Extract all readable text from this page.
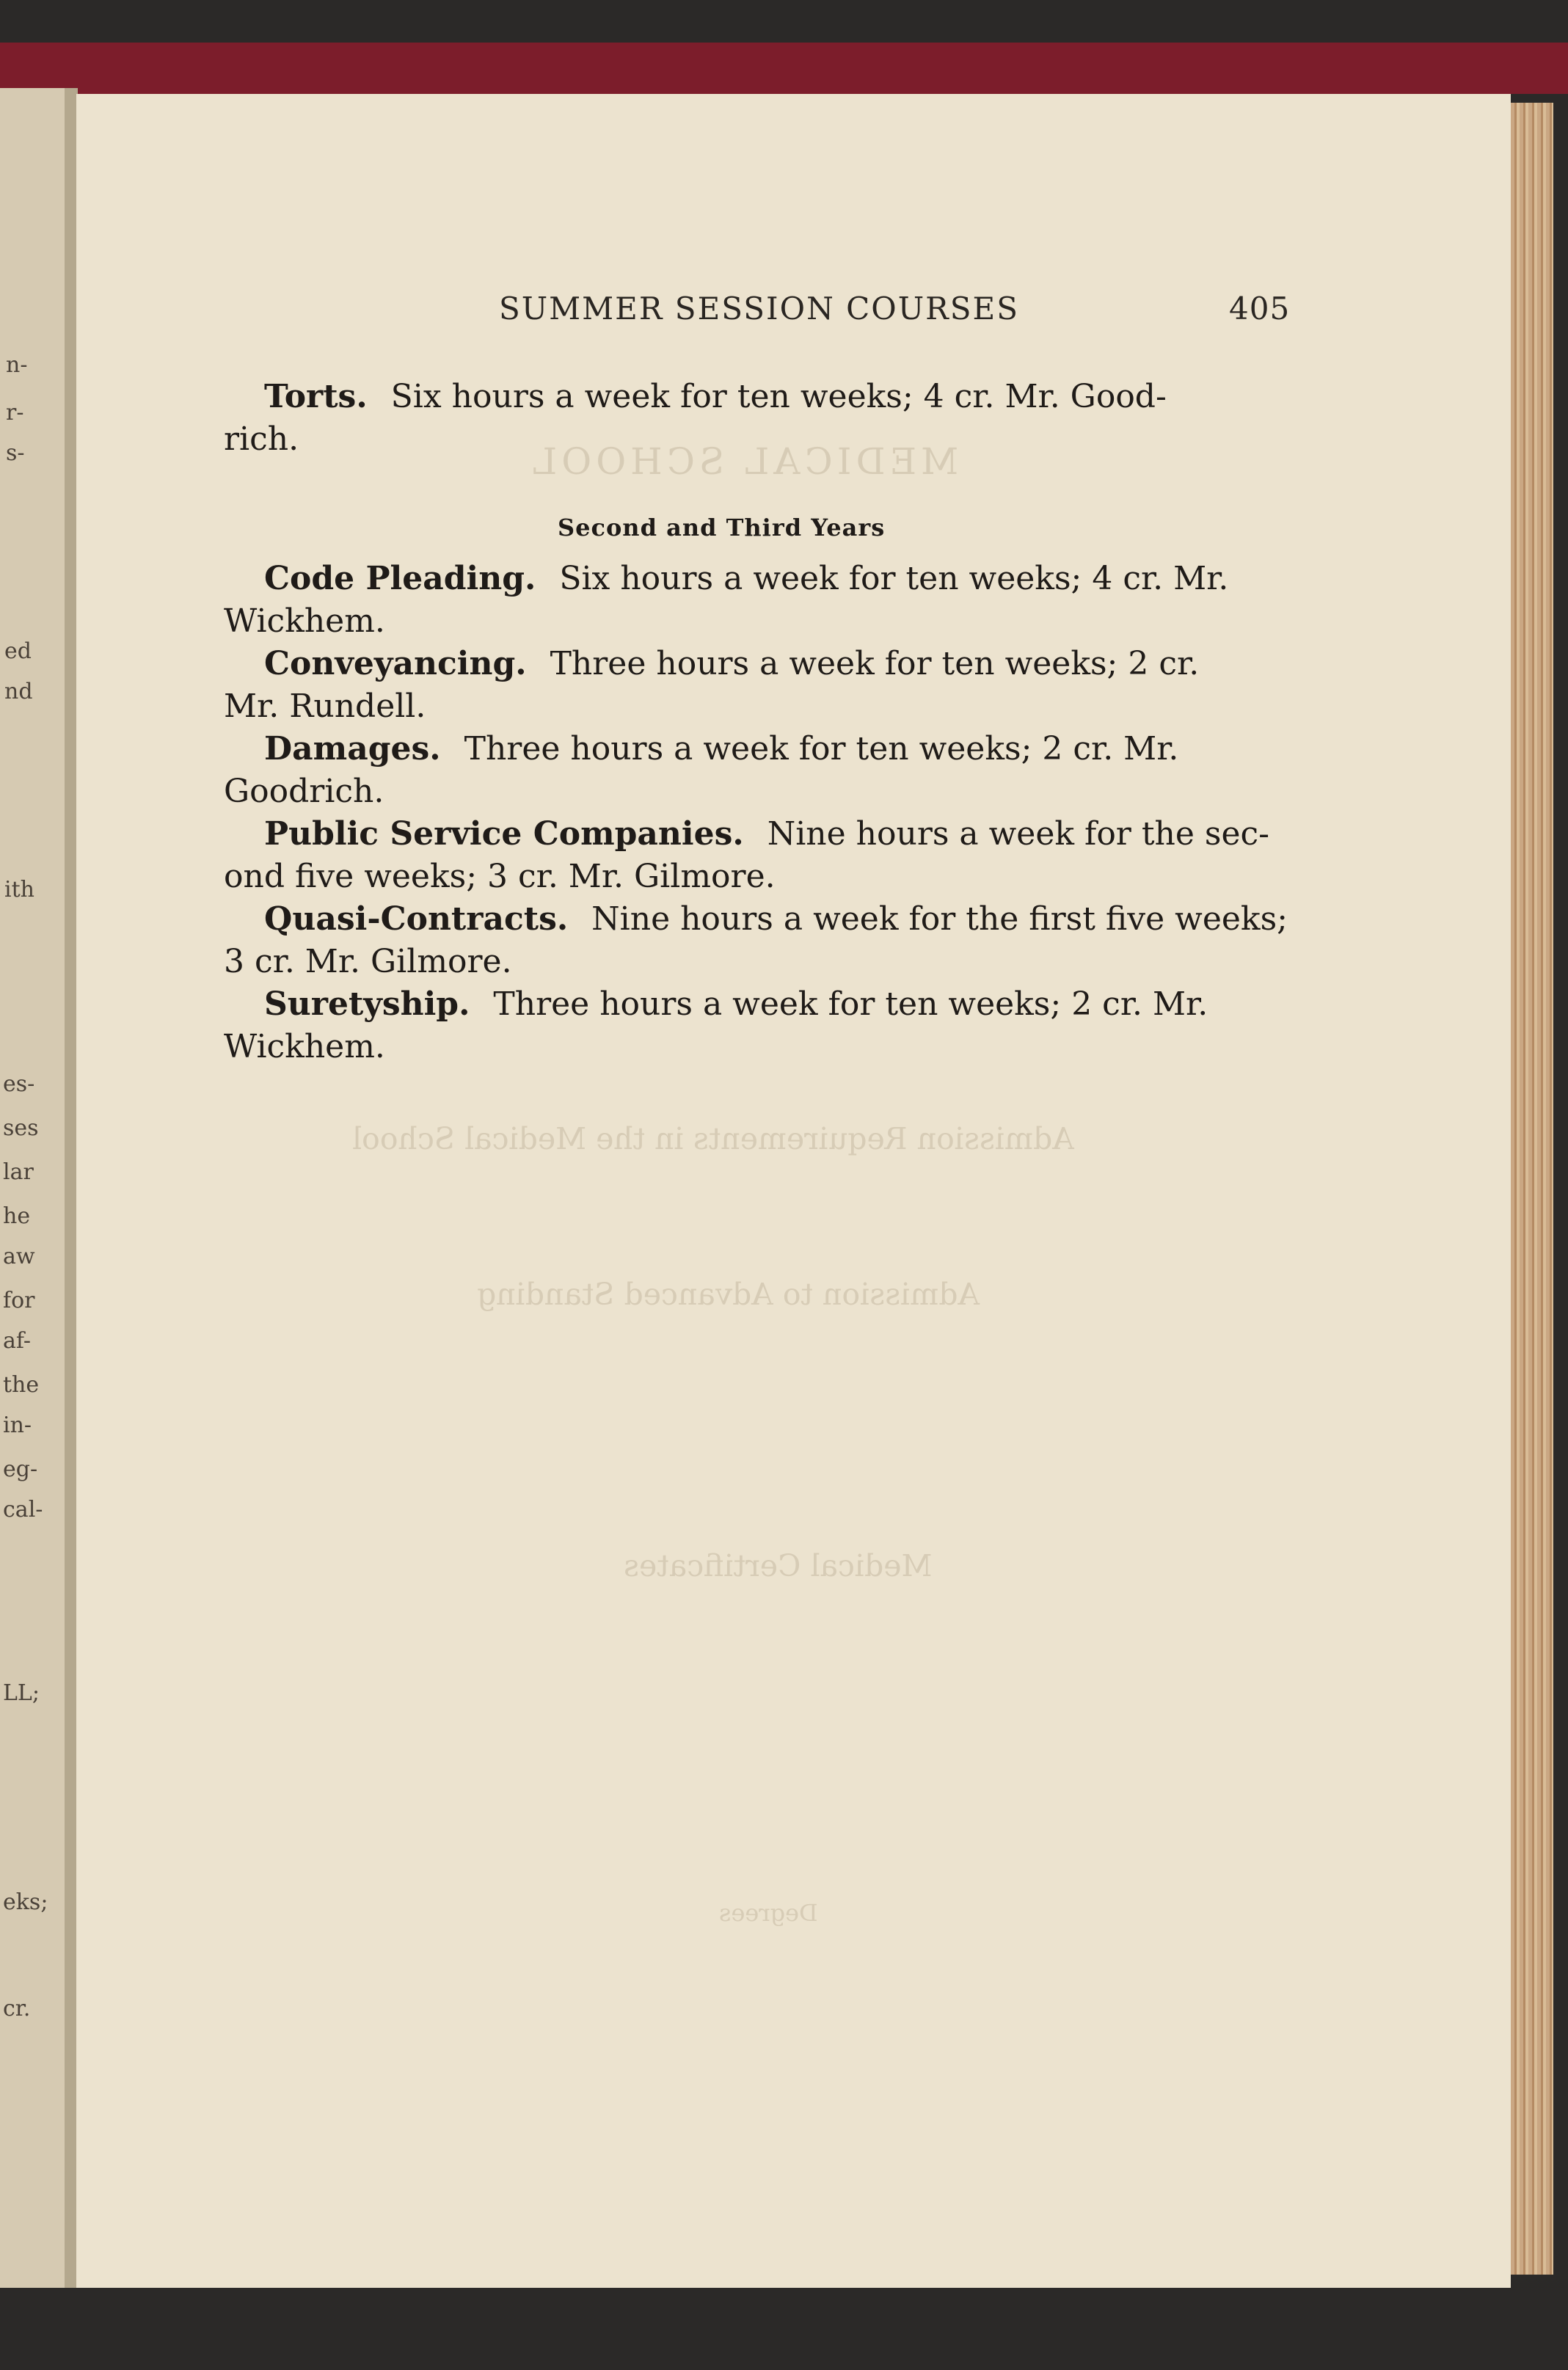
MEDICAL SCHOOL
Admission Requirements in the Medical School
Admission to Advanced Standing
Medical Certificates
Degrees
n-
r-
s-
ed
nd
ith
es-
ses
lar
he
aw
for
af-
the
in-
eg-
cal-
LL;
eks;
cr.
SUMMER SESSION COURSES	405
Torts. Six hours a week for ten weeks; 4 cr. Mr. Good-
rich.
Code Pleading. Six hours a week for ten weeks; 4 cr. Mr.
Wickhem.
Conveyancing. Three hours a week for ten weeks; 2 cr.
Mr. Rundell.
Damages. Three hours a week for ten weeks; 2 cr. Mr.
Goodrich.
Public Service Companies. Nine hours a week for the sec-
ond five weeks; 3 cr. Mr. Gilmore.
Quasi-Contracts. Nine hours a week for the first five weeks;
3 cr. Mr. Gilmore.
Suretyship. Three hours a week for ten weeks; 2 cr. Mr.
Wickhem.
Second and Third Years
